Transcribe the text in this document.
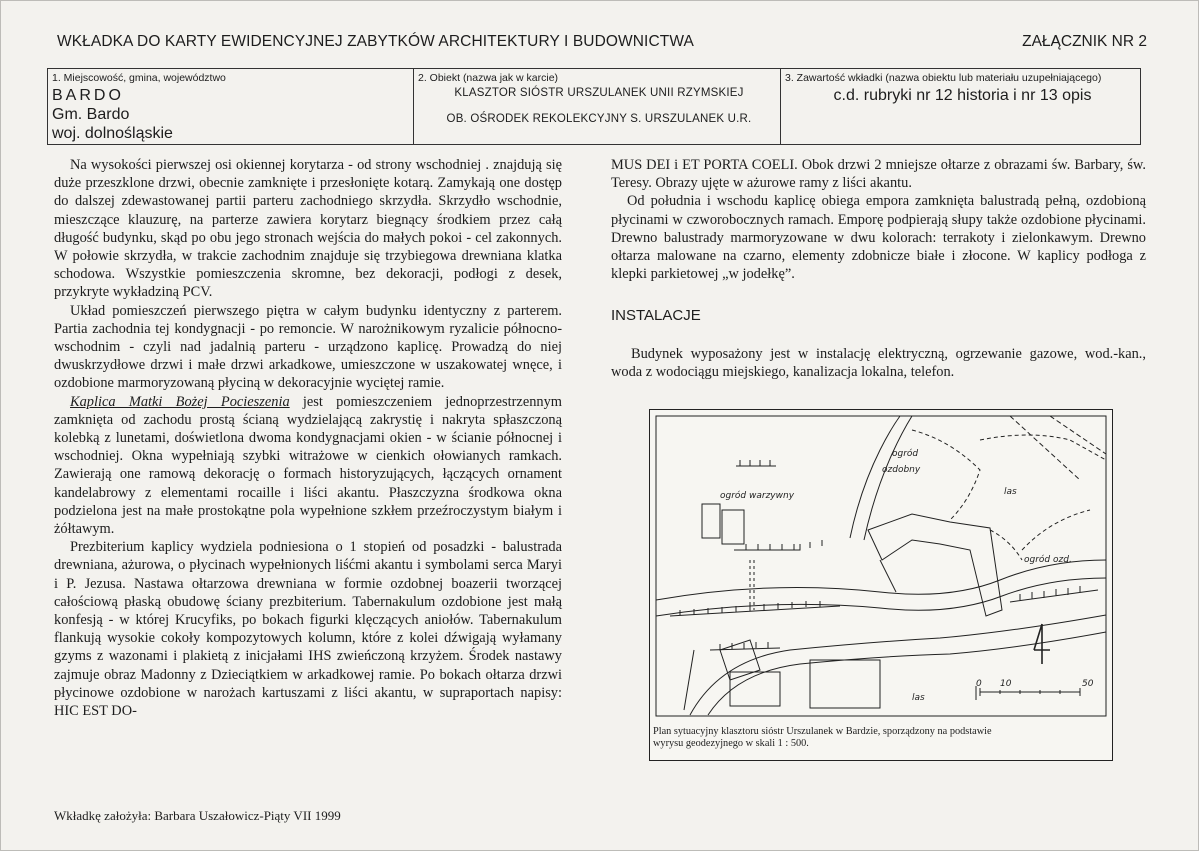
WKŁADKA DO KARTY EWIDENCYJNEJ ZABYTKÓW ARCHITEKTURY I BUDOWNICTWA	ZAŁĄCZNIK NR 2
1. Miejscowość, gmina, województwo
BARDO
Gm. Bardo
woj. dolnośląskie
2. Obiekt (nazwa jak w karcie)
KLASZTOR SIÓSTR URSZULANEK UNII RZYMSKIEJ
OB. OŚRODEK REKOLEKCYJNY S. URSZULANEK U.R.
3. Zawartość wkładki (nazwa obiektu lub materiału uzupełniającego)
c.d. rubryki nr 12 historia i nr 13 opis

Na wysokości pierwszej osi okiennej korytarza - od strony wschodniej . znajdują się duże przeszklone drzwi, obecnie zamknięte i przesłonięte kotarą. Zamykają one dostęp do dalszej zdewastowanej partii parteru zachodniego skrzydła. Skrzydło wschodnie, mieszczące klauzurę, na parterze zawiera korytarz biegnący środkiem przez całą długość budynku, skąd po obu jego stronach wejścia do małych pokoi - cel zakonnych. W połowie skrzydła, w trakcie zachodnim znajduje się trzybiegowa drewniana klatka schodowa. Wszystkie pomieszczenia skromne, bez dekoracji, podłogi z desek, przykryte wykładziną PCV.

Układ pomieszczeń pierwszego piętra w całym budynku identyczny z parterem. Partia zachodnia tej kondygnacji - po remoncie. W narożnikowym ryzalicie północno-wschodnim - czyli nad jadalnią parteru - urządzono kaplicę. Prowadzą do niej dwuskrzydłowe drzwi i małe drzwi arkadkowe, umieszczone w uszakowatej wnęce, i ozdobione marmoryzowaną płyciną w dekoracyjnie wyciętej ramie.

Kaplica Matki Bożej Pocieszenia jest pomieszczeniem jednoprzestrzennym zamknięta od zachodu prostą ścianą wydzielającą zakrystię i nakryta spłaszczoną kolebką z lunetami, doświetlona dwoma kondygnacjami okien - w ścianie północnej i wschodniej. Okna wypełniają szybki witrażowe w cienkich ołowianych ramkach. Zawierają one ramową dekorację o formach historyzujących, łączących ornament kandelabrowy z elementami rocaille i liści akantu. Płaszczyzna środkowa okna podzielona jest na małe prostokątne pola wypełnione szkłem przeźroczystym białym i żółtawym.

Prezbiterium kaplicy wydziela podniesiona o 1 stopień od posadzki - balustrada drewniana, ażurowa, o płycinach wypełnionych liśćmi akantu i symbolami serca Maryi i P. Jezusa. Nastawa ołtarzowa drewniana w formie ozdobnej boazerii tworzącej całościową płaską obudowę ściany prezbiterium. Tabernakulum ozdobione jest małą konfesją - w której Krucyfiks, po bokach figurki klęczących aniołów. Tabernakulum flankują wysokie cokoły kompozytowych kolumn, które z kolei dźwigają wyłamany gzyms z wazonami i plakietą z inicjałami IHS zwieńczoną krzyżem. Środek nastawy zajmuje obraz Madonny z Dzieciątkiem w arkadkowej ramie. Po bokach ołtarza drzwi płycinowe ozdobione w narożach kartuszami z liści akantu, w supraportach napisy: HIC EST DO-

MUS DEI i ET PORTA COELI. Obok drzwi 2 mniejsze ołtarze z obrazami św. Barbary, św. Teresy. Obrazy ujęte w ażurowe ramy z liści akantu.

Od południa i wschodu kaplicę obiega empora zamknięta balustradą pełną, ozdobioną płycinami w czworobocznych ramach. Emporę podpierają słupy także ozdobione płycinami. Drewno balustrady marmoryzowane w dwu kolorach: terrakoty i zielonkawym. Drewno ołtarza malowane na czarno, elementy zdobnicze białe i złocone. W kaplicy podłoga z klepki parkietowej „w jodełkę”.

INSTALACJE

Budynek wyposażony jest w instalację elektryczną, ogrzewanie gazowe, wod.-kan., woda z wodociągu miejskiego, kanalizacja lokalna, telefon.

ogród warzywny
ogród
ozdobny
las
ogród ozd.
las
4
0 10	50
Plan sytuacyjny klasztoru sióstr Urszulanek w Bardzie, sporządzony na podstawie
wyrysu geodezyjnego w skali 1 : 500.
Wkładkę założyła: Barbara Uszałowicz-Piąty VII 1999
